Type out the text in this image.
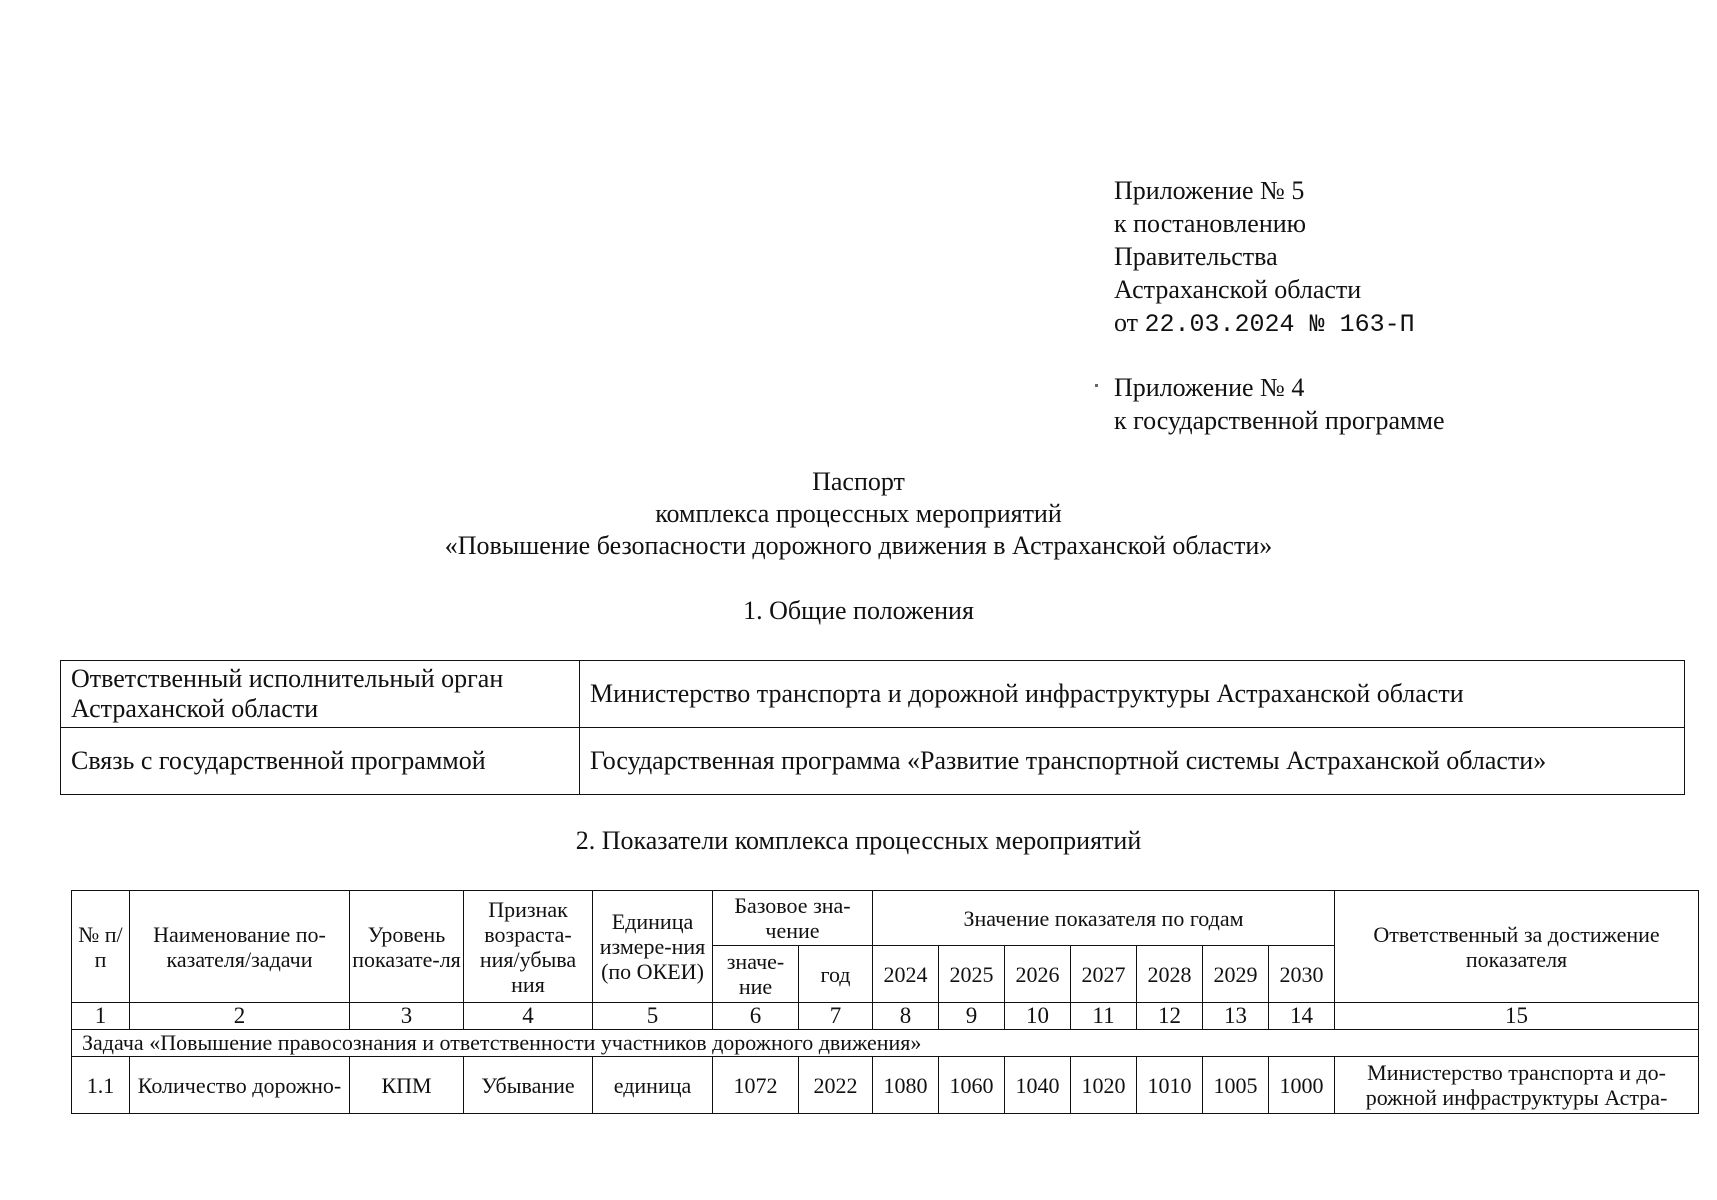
Приложение № 5
к постановлению
Правительства
Астраханской области
от 22.03.2024 № 163-П
Приложение № 4
к государственной программе
Паспорт
комплекса процессных мероприятий
«Повышение безопасности дорожного движения в Астраханской области»
1. Общие положения
Ответственный исполнительный орган Астраханской области	Министерство транспорта и дорожной инфраструктуры Астраханской области
Связь с государственной программой	Государственная программа «Развитие транспортной системы Астраханской области»
2. Показатели комплекса процессных мероприятий
№ п/п	Наименование по-казателя/задачи	Уровень показате-ля	Признак возраста-ния/убыва ния	Единица измере-ния (по ОКЕИ)	Базовое зна-чение		Значение показателя по годам							Ответственный за достижение показателя
					значе-ние	год	2024	2025	2026	2027	2028	2029	2030	
1	2	3	4	5	6	7	8	9	10	11	12	13	14	15
Задача «Повышение правосознания и ответственности участников дорожного движения»														
1.1	Количество дорожно-	КПМ	Убывание	единица	1072	2022	1080	1060	1040	1020	1010	1005	1000	Министерство транспорта и до-рожной инфраструктуры Астра-
